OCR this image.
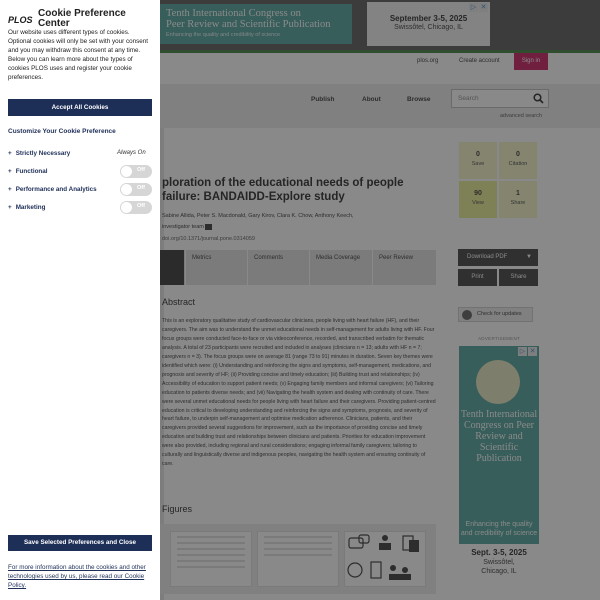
PLOS
Cookie Preference
Center
Our website uses different types of cookies. Optional cookies will only be set with your consent and you may withdraw this consent at any time. Below you can learn more about the types of cookies PLOS uses and register your cookie preferences.
Accept All Cookies
Customize Your Cookie Preference
+ Strictly Necessary	Always On
+ Functional	Off
+ Performance and Analytics	Off
+ Marketing	Off
Save Selected Preferences and Close
For more information about the cookies and other technologies used by us, please read our Cookie Policy.
